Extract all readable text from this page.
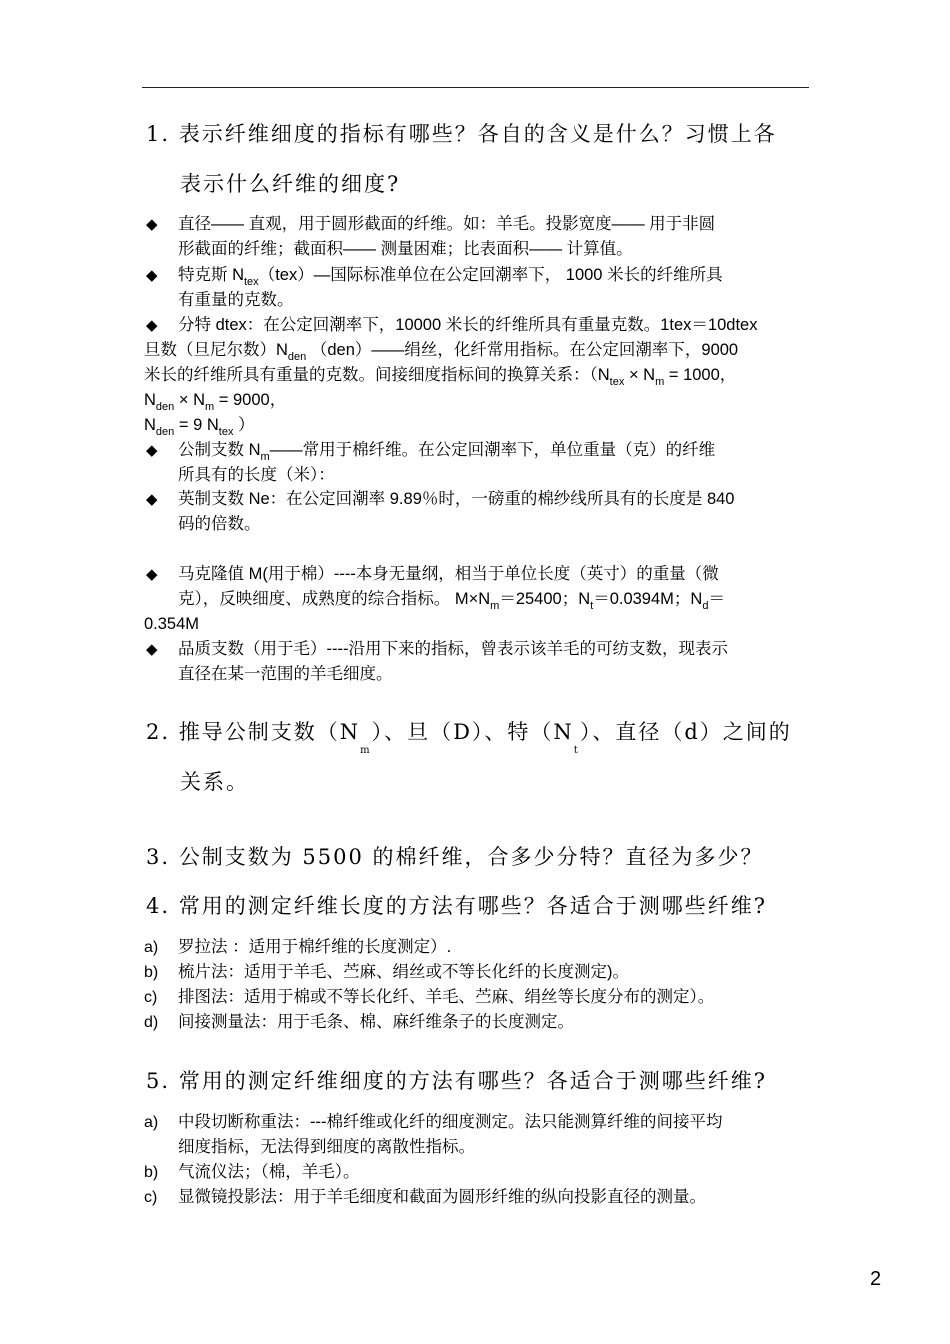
1. 表示纤维细度的指标有哪些？各自的含义是什么？习惯上各
表示什么纤维的细度?
◆ 直径—— 直观，用于圆形截面的纤维。如：羊毛。投影宽度—— 用于非圆
形截面的纤维；截面积—— 测量困难；比表面积—— 计算值。
◆ 特克斯 $N_{tex}(tex)—$国际标准单位在公定回潮率下， 1000 米长的纤维所具
有重量的克数。
◆	分特 dtex：在公定回潮率下，10000 米长的纤维所具有重量克数。1tex＝10dtex
旦数（旦尼尔数）$N_{den}$ （den）——绢丝，化纤常用指标。在公定回潮率下，9000
米长的纤维所具有重量的克数。间接细度指标间的换算关系：（$N_{tex} \times N_m = 1000$，
$N_{den} \times N_m = 9000$，
$N_{den} = 9$ $N_{tex}$ ）
◆ 公制支数 $N_m——$常用于棉纤维。在公定回潮率下，单位重量（克）的纤维
所具有的长度（米）：
◆ 英制支数 Ne：在公定回潮率 9.89％时，一磅重的棉纱线所具有的长度是 840
码的倍数。
◆ 马克隆值 M(用于棉）----本身无量纲，相当于单位长度（英寸）的重量（微
克），反映细度、成熟度的综合指标。 $M\times N_m=25400$；$N_t=0.0394M$；$N_d=$
0.354M
◆ 品质支数（用于毛）----沿用下来的指标，曾表示该羊毛的可纺支数，现表示
直径在某一范围的羊毛细度。
2. 推导公制支数$(N_m)$、旦（D）、特$(N_t)$、直径（d）之间的
关系。
3. 公制支数为 5500 的棉纤维，合多少分特？直径为多少？
4. 常用的测定纤维长度的方法有哪些？各适合于测哪些纤维?
a) 罗拉法 ：适用于棉纤维的长度测定）.
b) 梳片法：适用于羊毛、苎麻、绢丝或不等长化纤的长度测定)。
c) 排图法：适用于棉或不等长化纤、羊毛、苎麻、绢丝等长度分布的测定）。
d) 间接测量法：用于毛条、棉、麻纤维条子的长度测定。
5. 常用的测定纤维细度的方法有哪些？各适合于测哪些纤维?
a) 中段切断称重法：---棉纤维或化纤的细度测定。法只能测算纤维的间接平均
细度指标，无法得到细度的离散性指标。
b) 气流仪法；（棉，羊毛）。
c) 显微镜投影法：用于羊毛细度和截面为圆形纤维的纵向投影直径的测量。
2
